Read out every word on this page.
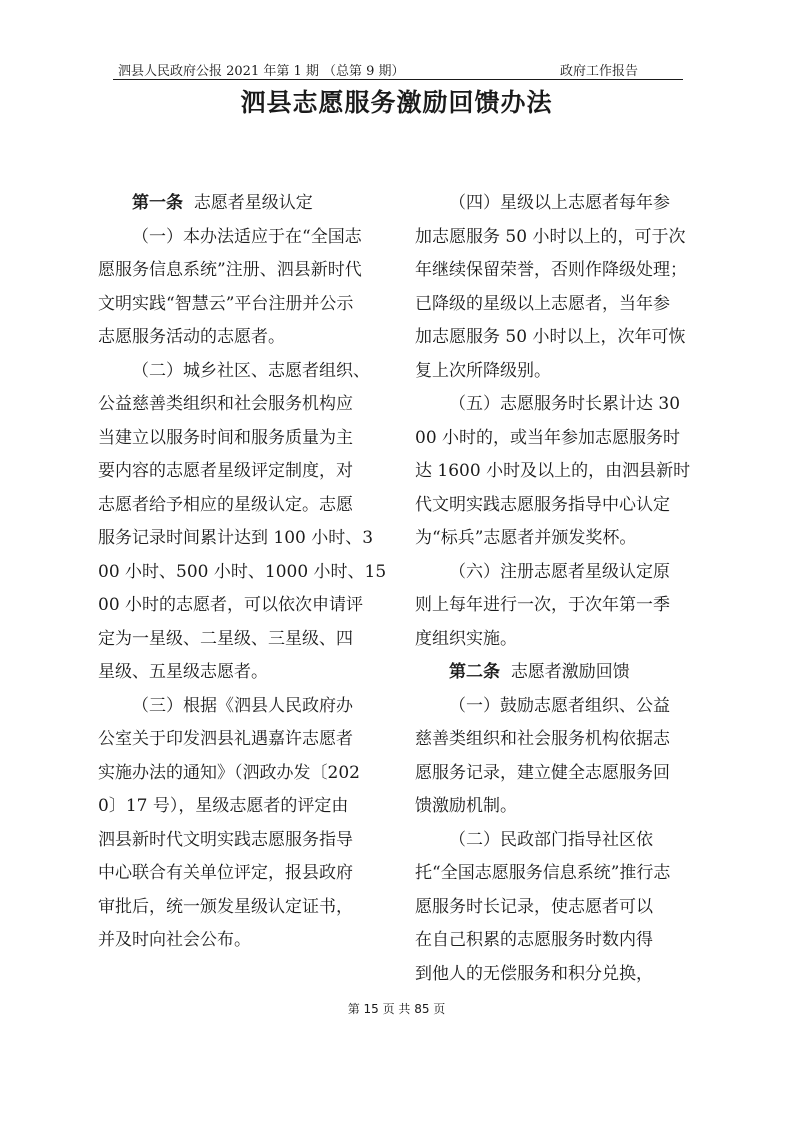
泗县人民政府公报 2021 年第 1 期 （总第 9 期）	政府工作报告
泗县志愿服务激励回馈办法
第一条 志愿者星级认定
（一）本办法适应于在“全国志
愿服务信息系统”注册、泗县新时代
文明实践“智慧云”平台注册并公示
志愿服务活动的志愿者。
（二）城乡社区、志愿者组织、
公益慈善类组织和社会服务机构应
当建立以服务时间和服务质量为主
要内容的志愿者星级评定制度，对
志愿者给予相应的星级认定。志愿
服务记录时间累计达到 100 小时、3
00 小时、500 小时、1000 小时、15
00 小时的志愿者，可以依次申请评
定为一星级、二星级、三星级、四
星级、五星级志愿者。
（三）根据《泗县人民政府办
公室关于印发泗县礼遇嘉许志愿者
实施办法的通知》（泗政办发〔202
0〕17 号），星级志愿者的评定由
泗县新时代文明实践志愿服务指导
中心联合有关单位评定，报县政府
审批后，统一颁发星级认定证书，
并及时向社会公布。
（四）星级以上志愿者每年参
加志愿服务 50 小时以上的，可于次
年继续保留荣誉，否则作降级处理；
已降级的星级以上志愿者，当年参
加志愿服务 50 小时以上，次年可恢
复上次所降级别。
（五）志愿服务时长累计达 30
00 小时的，或当年参加志愿服务时
达 1600 小时及以上的，由泗县新时
代文明实践志愿服务指导中心认定
为“标兵”志愿者并颁发奖杯。
（六）注册志愿者星级认定原
则上每年进行一次，于次年第一季
度组织实施。
第二条 志愿者激励回馈
（一）鼓励志愿者组织、公益
慈善类组织和社会服务机构依据志
愿服务记录，建立健全志愿服务回
馈激励机制。
（二）民政部门指导社区依
托“全国志愿服务信息系统”推行志
愿服务时长记录，使志愿者可以
在自己积累的志愿服务时数内得
到他人的无偿服务和积分兑换，
第 15 页 共 85 页
